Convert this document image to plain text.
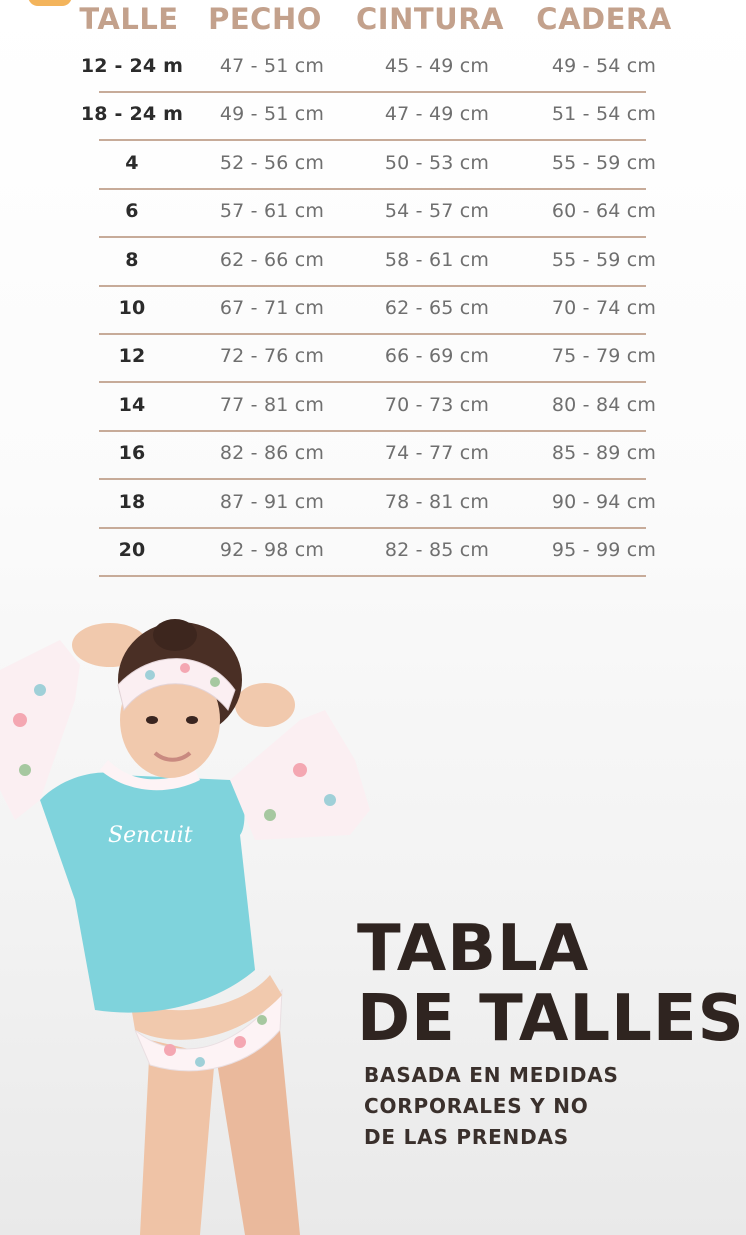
TALLE PECHO CINTURA CADERA
12 - 24 m 47 - 51 cm	45 - 49 cm	49 - 54 cm
18 - 24 m 49 - 51 cm	47 - 49 cm	51 - 54 cm
4	52 - 56 cm	50 - 53 cm	55 - 59 cm
6	57 - 61 cm	54 - 57 cm	60 - 64 cm
8	62 - 66 cm	58 - 61 cm	55 - 59 cm
10	67 - 71 cm	62 - 65 cm	70 - 74 cm
12	72 - 76 cm	66 - 69 cm	75 - 79 cm
14	77 - 81 cm	70 - 73 cm	80 - 84 cm
16	82 - 86 cm	74 - 77 cm	85 - 89 cm
18	87 - 91 cm	78 - 81 cm	90 - 94 cm
20	92 - 98 cm	82 - 85 cm	95 - 99 cm
Sencuit
TABLA
DE TALLES
BASADA EN MEDIDAS
CORPORALES Y NO
DE LAS PRENDAS
